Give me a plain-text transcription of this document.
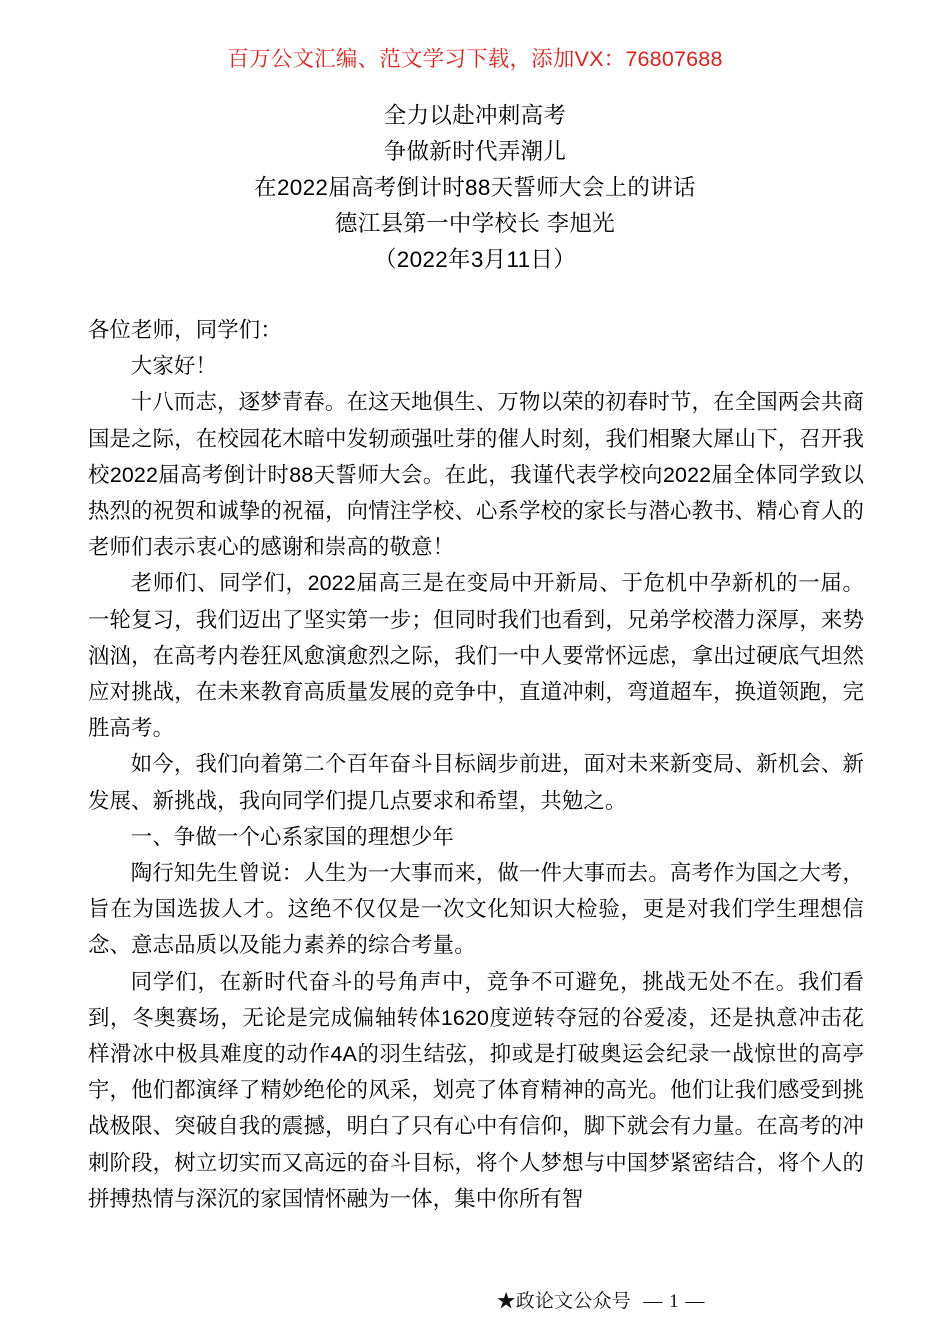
百万公文汇编、范文学习下载，添加VX：76807688
全力以赴冲刺高考
争做新时代弄潮儿
在2022届高考倒计时88天誓师大会上的讲话
德江县第一中学校长 李旭光
（2022年3月11日）

各位老师，同学们：

大家好！

十八而志，逐梦青春。在这天地俱生、万物以荣的初春时节，在全国两会共商国是之际，在校园花木暗中发轫顽强吐芽的催人时刻，我们相聚大犀山下，召开我校2022届高考倒计时88天誓师大会。在此，我谨代表学校向2022届全体同学致以热烈的祝贺和诚挚的祝福，向情注学校、心系学校的家长与潜心教书、精心育人的老师们表示衷心的感谢和崇高的敬意！

老师们、同学们，2022届高三是在变局中开新局、于危机中孕新机的一届。一轮复习，我们迈出了坚实第一步；但同时我们也看到，兄弟学校潜力深厚，来势汹汹，在高考内卷狂风愈演愈烈之际，我们一中人要常怀远虑，拿出过硬底气坦然应对挑战，在未来教育高质量发展的竞争中，直道冲刺，弯道超车，换道领跑，完胜高考。

如今，我们向着第二个百年奋斗目标阔步前进，面对未来新变局、新机会、新发展、新挑战，我向同学们提几点要求和希望，共勉之。

一、争做一个心系家国的理想少年

陶行知先生曾说：人生为一大事而来，做一件大事而去。高考作为国之大考，旨在为国选拔人才。这绝不仅仅是一次文化知识大检验，更是对我们学生理想信念、意志品质以及能力素养的综合考量。

同学们，在新时代奋斗的号角声中，竞争不可避免，挑战无处不在。我们看到，冬奥赛场，无论是完成偏轴转体1620度逆转夺冠的谷爱凌，还是执意冲击花样滑冰中极具难度的动作4A的羽生结弦，抑或是打破奥运会纪录一战惊世的高亭宇，他们都演绎了精妙绝伦的风采，划亮了体育精神的高光。他们让我们感受到挑战极限、突破自我的震撼，明白了只有心中有信仰，脚下就会有力量。在高考的冲刺阶段，树立切实而又高远的奋斗目标，将个人梦想与中国梦紧密结合，将个人的拼搏热情与深沉的家国情怀融为一体，集中你所有智

★政论文公众号 — 1 —
